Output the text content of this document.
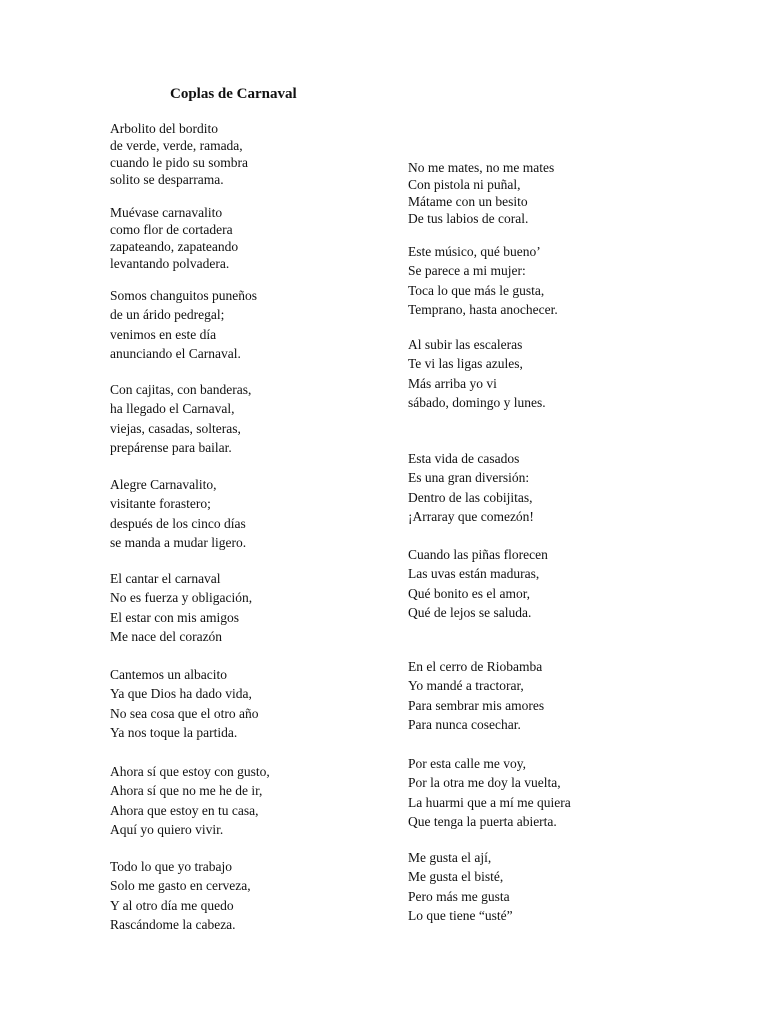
Coplas de Carnaval
Arbolito del bordito
de verde, verde, ramada,
cuando le pido su sombra
solito se desparrama.
Muévase carnavalito
como flor de cortadera
zapateando, zapateando
levantando polvadera.
Somos changuitos puneños
de un árido pedregal;
venimos en este día
anunciando el Carnaval.
Con cajitas, con banderas,
ha llegado el Carnaval,
viejas, casadas, solteras,
prepárense para bailar.
Alegre Carnavalito,
visitante forastero;
después de los cinco días
se manda a mudar ligero.
El cantar el carnaval
No es fuerza y obligación,
El estar con mis amigos
Me nace del corazón
Cantemos un albacito
Ya que Dios ha dado vida,
No sea cosa que el otro año
Ya nos toque la partida.
Ahora sí que estoy con gusto,
Ahora sí que no me he de ir,
Ahora que estoy en tu casa,
Aquí yo quiero vivir.
Todo lo que yo trabajo
Solo me gasto en cerveza,
Y al otro día me quedo
Rascándome la cabeza.
No me mates, no me mates
Con pistola ni puñal,
Mátame con un besito
De tus labios de coral.
Este músico, qué bueno’
Se parece a mi mujer:
Toca lo que más le gusta,
Temprano, hasta anochecer.
Al subir las escaleras
Te vi las ligas azules,
Más arriba yo vi
sábado, domingo y lunes.
Esta vida de casados
Es una gran diversión:
Dentro de las cobijitas,
¡Arraray que comezón!
Cuando las piñas florecen
Las uvas están maduras,
Qué bonito es el amor,
Qué de lejos se saluda.
En el cerro de Riobamba
Yo mandé a tractorar,
Para sembrar mis amores
Para nunca cosechar.
Por esta calle me voy,
Por la otra me doy la vuelta,
La huarmi que a mí me quiera
Que tenga la puerta abierta.
Me gusta el ají,
Me gusta el bisté,
Pero más me gusta
Lo que tiene “usté”
